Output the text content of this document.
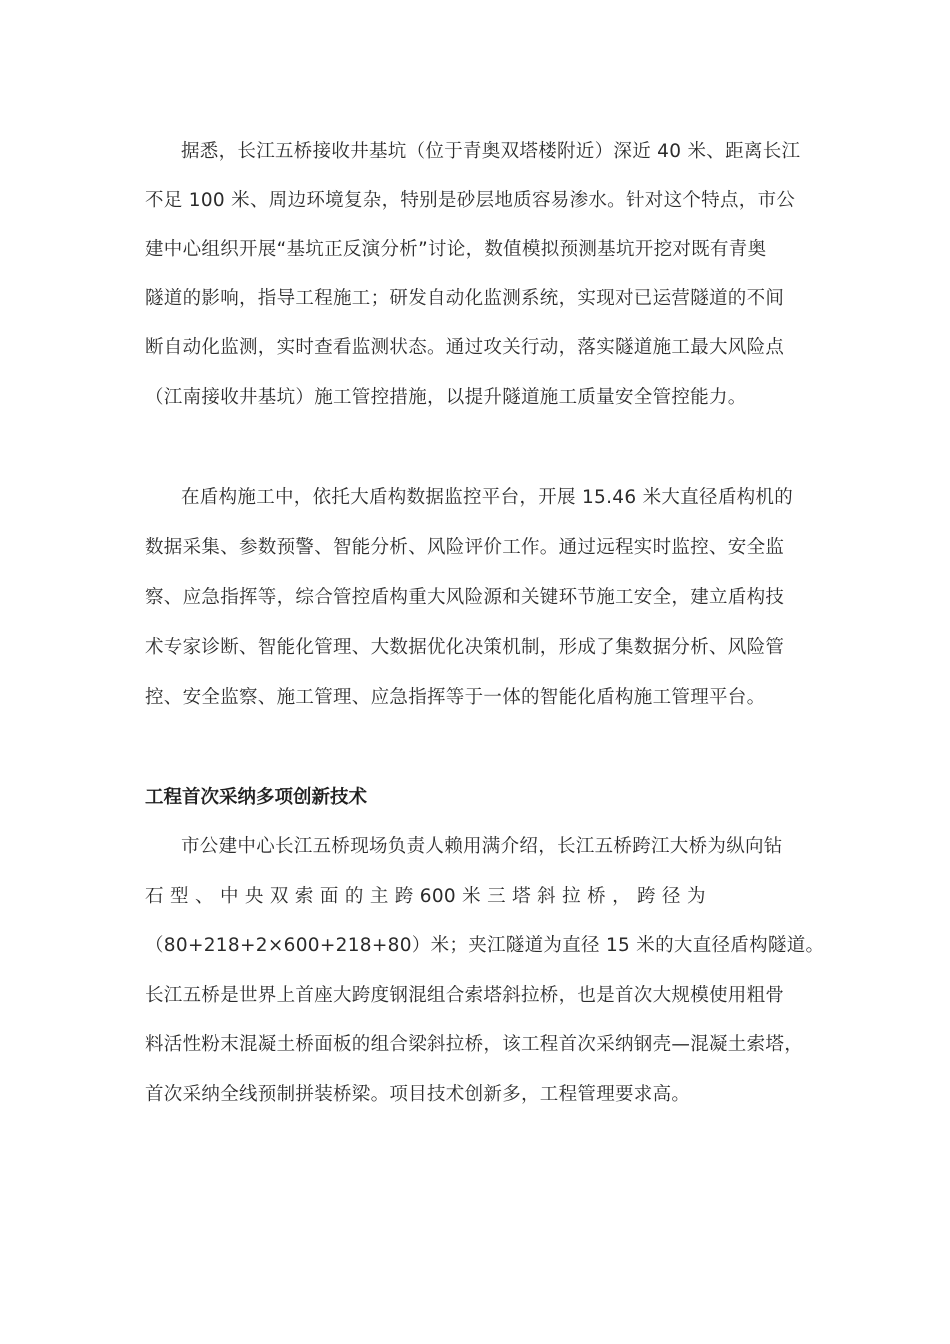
据悉，长江五桥接收井基坑（位于青奥双塔楼附近）深近 40 米、距离长江
不足 100 米、周边环境复杂，特别是砂层地质容易渗水。针对这个特点，市公
建中心组织开展“基坑正反演分析”讨论，数值模拟预测基坑开挖对既有青奥
隧道的影响，指导工程施工；研发自动化监测系统，实现对已运营隧道的不间
断自动化监测，实时查看监测状态。通过攻关行动，落实隧道施工最大风险点
（江南接收井基坑）施工管控措施，以提升隧道施工质量安全管控能力。
在盾构施工中，依托大盾构数据监控平台，开展 15.46 米大直径盾构机的
数据采集、参数预警、智能分析、风险评价工作。通过远程实时监控、安全监
察、应急指挥等，综合管控盾构重大风险源和关键环节施工安全，建立盾构技
术专家诊断、智能化管理、大数据优化决策机制，形成了集数据分析、风险管
控、安全监察、施工管理、应急指挥等于一体的智能化盾构施工管理平台。
工程首次采纳多项创新技术
市公建中心长江五桥现场负责人赖用满介绍，长江五桥跨江大桥为纵向钻
石 型 、 中 央 双 索 面 的 主 跨 600 米 三 塔 斜 拉 桥 ， 跨 径 为
（80+218+2×600+218+80）米；夹江隧道为直径 15 米的大直径盾构隧道。
长江五桥是世界上首座大跨度钢混组合索塔斜拉桥，也是首次大规模使用粗骨
料活性粉末混凝土桥面板的组合梁斜拉桥，该工程首次采纳钢壳—混凝土索塔，
首次采纳全线预制拼装桥梁。项目技术创新多，工程管理要求高。
